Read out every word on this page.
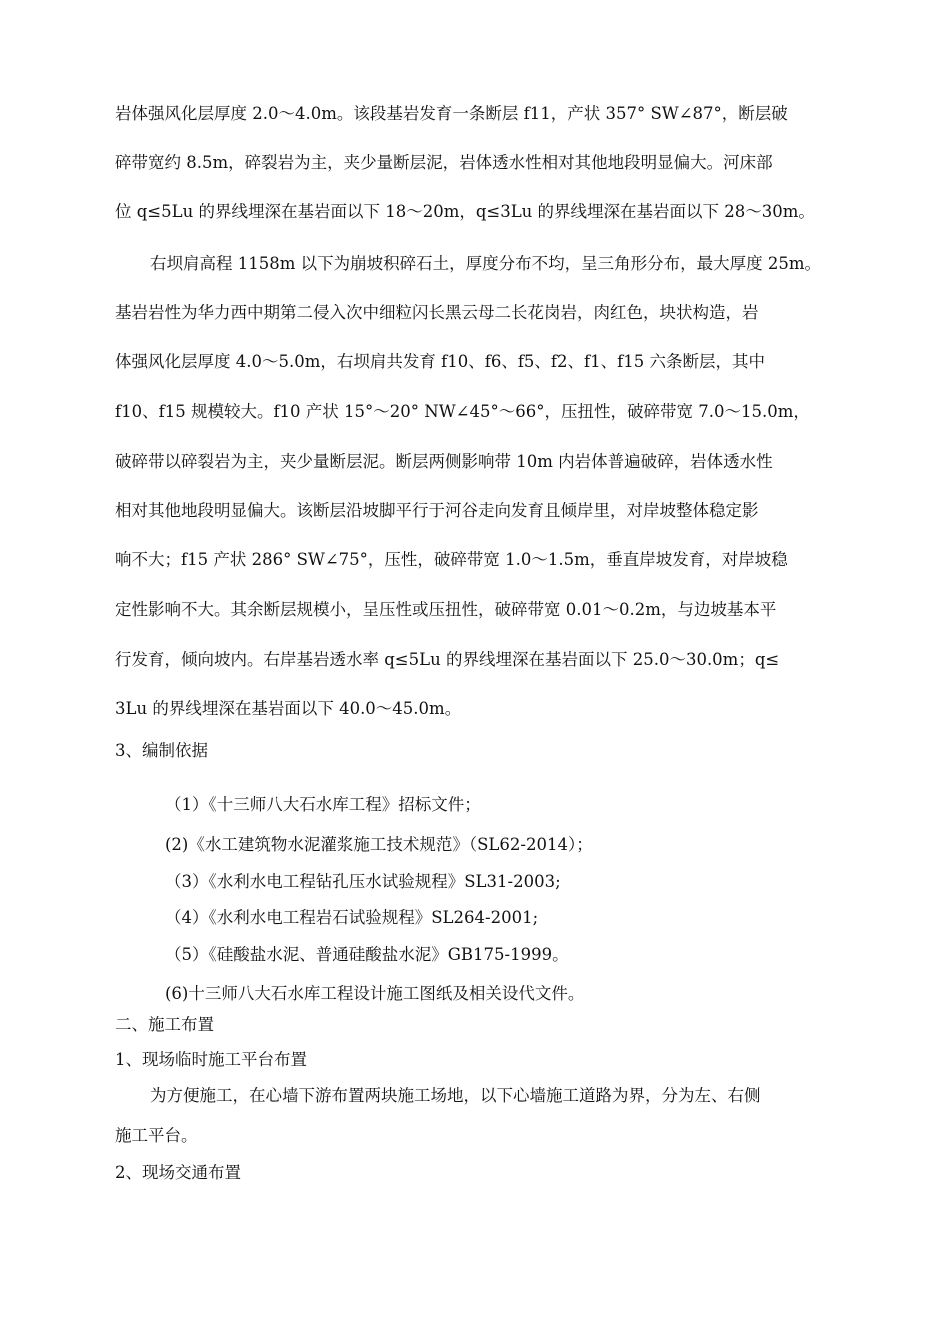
岩体强风化层厚度 2.0～4.0m。该段基岩发育一条断层 f11，产状 357° SW∠87°，断层破
碎带宽约 8.5m，碎裂岩为主，夹少量断层泥，岩体透水性相对其他地段明显偏大。河床部
位 q≤5Lu 的界线埋深在基岩面以下 18～20m，q≤3Lu 的界线埋深在基岩面以下 28～30m。
右坝肩高程 1158m 以下为崩坡积碎石土，厚度分布不均，呈三角形分布，最大厚度 25m。
基岩岩性为华力西中期第二侵入次中细粒闪长黑云母二长花岗岩，肉红色，块状构造，岩
体强风化层厚度 4.0～5.0m，右坝肩共发育 f10、f6、f5、f2、f1、f15 六条断层，其中
f10、f15 规模较大。f10 产状 15°～20° NW∠45°～66°，压扭性，破碎带宽 7.0～15.0m，
破碎带以碎裂岩为主，夹少量断层泥。断层两侧影响带 10m 内岩体普遍破碎，岩体透水性
相对其他地段明显偏大。该断层沿坡脚平行于河谷走向发育且倾岸里，对岸坡整体稳定影
响不大；f15 产状 286° SW∠75°，压性，破碎带宽 1.0～1.5m，垂直岸坡发育，对岸坡稳
定性影响不大。其余断层规模小，呈压性或压扭性，破碎带宽 0.01～0.2m，与边坡基本平
行发育，倾向坡内。右岸基岩透水率 q≤5Lu 的界线埋深在基岩面以下 25.0～30.0m；q≤
3Lu 的界线埋深在基岩面以下 40.0～45.0m。
3、编制依据
（1）《十三师八大石水库工程》招标文件；
(2)《水工建筑物水泥灌浆施工技术规范》（SL62-2014）；
（3）《水利水电工程钻孔压水试验规程》SL31-2003;
（4）《水利水电工程岩石试验规程》SL264-2001;
（5）《硅酸盐水泥、普通硅酸盐水泥》GB175-1999。
(6)十三师八大石水库工程设计施工图纸及相关设代文件。
二、施工布置
1、现场临时施工平台布置
为方便施工，在心墙下游布置两块施工场地，以下心墙施工道路为界，分为左、右侧
施工平台。
2、现场交通布置
